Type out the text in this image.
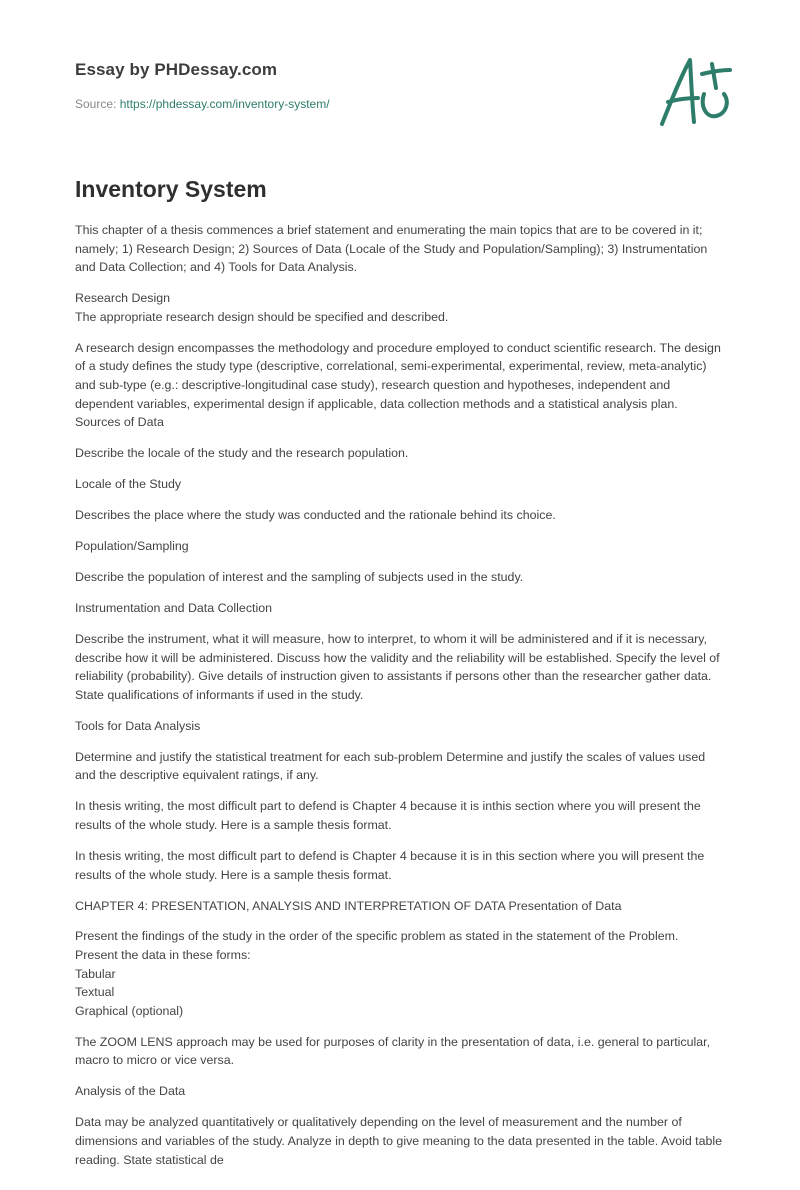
Essay by PHDessay.com
Source: https://phdessay.com/inventory-system/
Inventory System

This chapter of a thesis commences a brief statement and enumerating the main topics that are to be covered in it; namely; 1) Research Design; 2) Sources of Data (Locale of the Study and Population/Sampling); 3) Instrumentation and Data Collection; and 4) Tools for Data Analysis.

Research Design
The appropriate research design should be specified and described.

A research design encompasses the methodology and procedure employed to conduct scientific research. The design of a study defines the study type (descriptive, correlational, semi-experimental, experimental, review, meta-analytic) and sub-type (e.g.: descriptive-longitudinal case study), research question and hypotheses, independent and dependent variables, experimental design if applicable, data collection methods and a statistical analysis plan. Sources of Data

Describe the locale of the study and the research population.

Locale of the Study

Describes the place where the study was conducted and the rationale behind its choice.

Population/Sampling

Describe the population of interest and the sampling of subjects used in the study.

Instrumentation and Data Collection

Describe the instrument, what it will measure, how to interpret, to whom it will be administered and if it is necessary, describe how it will be administered. Discuss how the validity and the reliability will be established. Specify the level of reliability (probability). Give details of instruction given to assistants if persons other than the researcher gather data. State qualifications of informants if used in the study.

Tools for Data Analysis

Determine and justify the statistical treatment for each sub-problem Determine and justify the scales of values used and the descriptive equivalent ratings, if any.

In thesis writing, the most difficult part to defend is Chapter 4 because it is inthis section where you will present the results of the whole study. Here is a sample thesis format.

In thesis writing, the most difficult part to defend is Chapter 4 because it is in this section where you will present the results of the whole study. Here is a sample thesis format.

CHAPTER 4: PRESENTATION, ANALYSIS AND INTERPRETATION OF DATA Presentation of Data

Present the findings of the study in the order of the specific problem as stated in the statement of the Problem.
Present the data in these forms:
Tabular
Textual
Graphical (optional)

The ZOOM LENS approach may be used for purposes of clarity in the presentation of data, i.e. general to particular, macro to micro or vice versa.

Analysis of the Data

Data may be analyzed quantitatively or qualitatively depending on the level of measurement and the number of dimensions and variables of the study. Analyze in depth to give meaning to the data presented in the table. Avoid table reading. State statistical de
